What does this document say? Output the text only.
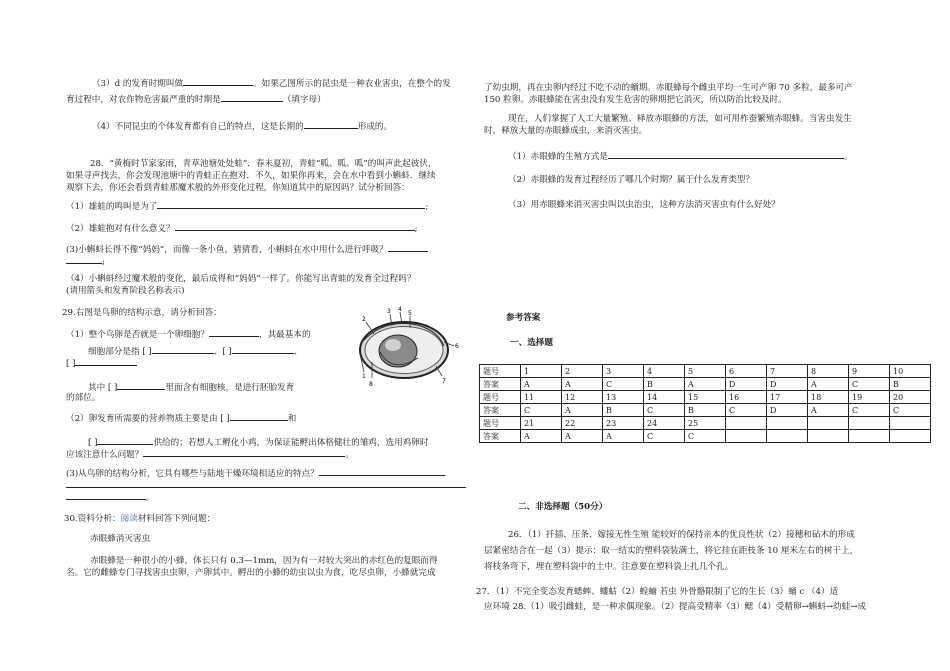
（3）d 的发育时期叫做	。如果乙图所示的昆虫是一种农业害虫，在整个的发
育过程中，对农作物危害最严重的时期是	（填字母）
（4）不同昆虫的个体发育都有自己的特点，这是长期的	形成的。
28．“黄梅时节家家雨，青草池塘处处蛙”．春末夏初，青蛙“呱、呱、呱”的叫声此起彼伏，
如果寻声找去，你会发现池塘中的青蛙正在抱对．不久，如果你再来，会在水中看到小蝌蚪．继续
观察下去，你还会看到青蛙那魔术般的外形变化过程，你知道其中的原因吗？试分析回答：
（1）雄蛙的鸣叫是为了	;
（2）雄蛙抱对有什么意义？	;
(3)小蝌蚪长得不像“妈妈”，而像一条小鱼，猜猜看，小蝌蚪在水中用什么进行呼吸？
;
（4）小蝌蚪经过魔术般的变化，最后成得和“妈妈”一样了。你能写出青蛙的发育全过程吗？
(请用箭头和发育阶段名称表示)
29.右图是鸟卵的结构示意，请分析回答：
（1）整个鸟卵是否就是一个卵细胞？	，其最基本的
细胞部分是指 [ ]	、[ ]	、
[ ]
其中 [ ]	里面含有细胞核，是进行胚胎发育
的部位。
（2）卵发育所需要的营养物质主要是由 [ ]	和
[ ]	供给的；若想人工孵化小鸡，为保证能孵出体格健壮的雏鸡，选用鸡卵时
应该注意什么问题？	。
(3)从鸟卵的结构分析，它具有哪些与陆地干燥环境相适应的特点？
。
30.资料分析：阅读材料回答下列问题：
赤眼蜂消灭害虫
赤眼蜂是一种很小的小蜂，体长只有 0.3—1mm，因为有一对较大突出的赤红色的复眼而得
名。它的雌蜂专门寻找害虫虫卵，产卵其中。孵出的小蜂的幼虫以虫为食，吃尽虫卵，小蜂就完成
1
2
3 4
5
6
7
8
了幼虫期，再在虫卵内经过不吃不动的蛹期。赤眼蜂每个雌虫平均一生可产卵 70 多粒，最多可产
150 粒卵。赤眼蜂能在害虫没有发生危害的卵期把它消灭，所以防治比较及时。
现在，人们掌握了人工大量繁殖、释放赤眼蜂的方法，如可用柞蚕繁殖赤眼蜂。当害虫发生
时，释放大量的赤眼蜂成虫，来消灭害虫。
（1）赤眼蜂的生殖方式是	。
（2）赤眼蜂的发育过程经历了哪几个时期？属于什么发育类型？
（3）用赤眼蜂来消灭害虫叫以虫治虫，这种方法消灭害虫有什么好处？
参考答案
一、选择题
二、非选择题（50分）
26．（1）扦插、压条、嫁接无性生殖 能较好的保持亲本的优良性状（2）接穗和砧木的形成
层紧密结合在一起（3）提示：取一结实的塑料袋装满土，将它挂在距枝条 10 厘米左右的树干上，
将枝条弯下，埋在塑料袋中的土中。注意要在塑料袋上扎几个孔。
27．（1）不完全变态发育蟋蟀、螻蛄（2）蝗蝻 若虫 外骨骼限制了它的生长（3）蛹 c （4）适
应环境 28.（1）吸引雌蛙，是一种求偶现象。（2）提高受精率（3）鳃（4）受精卵→蝌蚪→幼蛙→成
题号	1	2	3	4	5	6	7	8	9	10
答案	A	A	C	B	A	D	D	A	C	B
题号	11	12	13	14	15	16	17	18	19	20
答案	C	A	B	C	B	C	D	A	C	C
题号	21	22	23	24	25					
答案	A	A	A	C	C					
